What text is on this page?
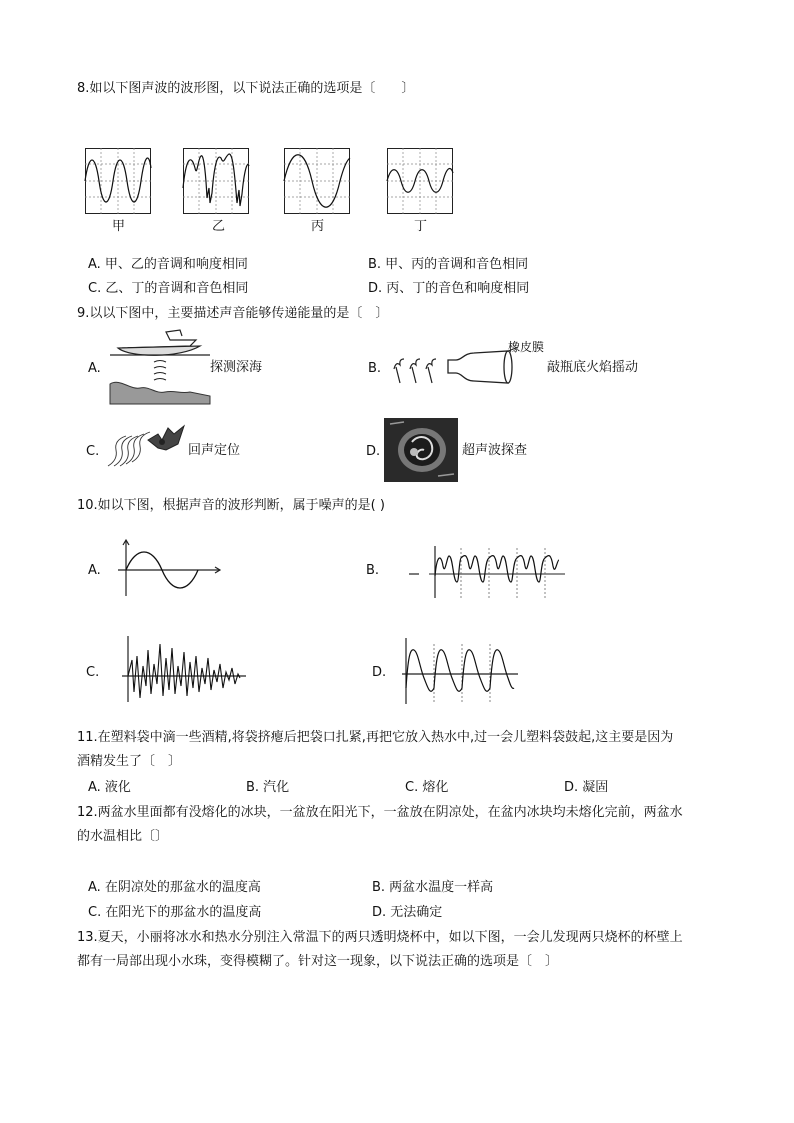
8.如以下图声波的波形图，以下说法正确的选项是〔　　〕
甲	乙	丙	丁
A. 甲、乙的音调和响度相同	B. 甲、丙的音调和音色相同
C. 乙、丁的音调和音色相同	D. 丙、丁的音色和响度相同
9.以以下图中，主要描述声音能够传递能量的是〔　〕
A.	探测深海	B.
橡皮膜
敲瓶底火焰摇动
C.	回声定位	D.	超声波探查
10.如以下图，根据声音的波形判断，属于噪声的是( )
A.	B.
C.	D.
11.在塑料袋中滴一些酒精,将袋挤瘪后把袋口扎紧,再把它放入热水中,过一会儿塑料袋鼓起,这主要是因为
酒精发生了〔　〕
A. 液化	B. 汽化	C. 熔化	D. 凝固
12.两盆水里面都有没熔化的冰块，一盆放在阳光下，一盆放在阴凉处，在盆内冰块均未熔化完前，两盆水
的水温相比〔〕
A. 在阴凉处的那盆水的温度高	B. 两盆水温度一样高
C. 在阳光下的那盆水的温度高	D. 无法确定
13.夏天，小丽将冰水和热水分别注入常温下的两只透明烧杯中，如以下图，一会儿发现两只烧杯的杯壁上
都有一局部出现小水珠，变得模糊了。针对这一现象，以下说法正确的选项是〔　〕
